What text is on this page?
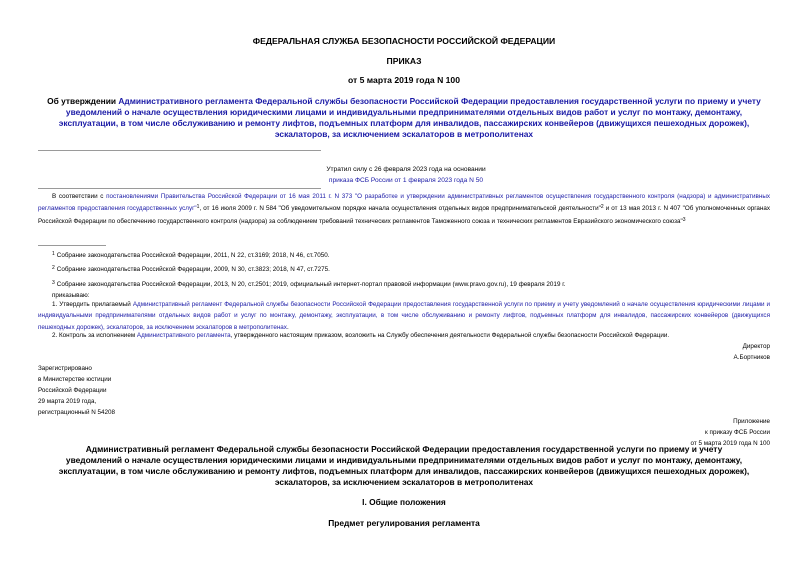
ФЕДЕРАЛЬНАЯ СЛУЖБА БЕЗОПАСНОСТИ РОССИЙСКОЙ ФЕДЕРАЦИИ
ПРИКАЗ
от 5 марта 2019 года N 100
Об утверждении Административного регламента Федеральной службы безопасности Российской Федерации предоставления государственной услуги по приему и учету уведомлений о начале осуществления юридическими лицами и индивидуальными предпринимателями отдельных видов работ и услуг по монтажу, демонтажу, эксплуатации, в том числе обслуживанию и ремонту лифтов, подъемных платформ для инвалидов, пассажирских конвейеров (движущихся пешеходных дорожек), эскалаторов, за исключением эскалаторов в метрополитенах
Утратил силу с 26 февраля 2023 года на основании
приказа ФСБ России от 1 февраля 2023 года N 50
В соответствии с постановлениями Правительства Российской Федерации от 16 мая 2011 г. N 373 "О разработке и утверждении административных регламентов осуществления государственного контроля (надзора) и административных регламентов предоставления государственных услуг"$^1$, от 16 июля 2009 г. N 584 "Об уведомительном порядке начала осуществления отдельных видов предпринимательской деятельности"$^2$ и от 13 мая 2013 г. N 407 "Об уполномоченных органах Российской Федерации по обеспечению государственного контроля (надзора) за соблюдением требований технических регламентов Таможенного союза и технических регламентов Евразийского экономического союза"$^3$
$^1$ Собрание законодательства Российской Федерации, 2011, N 22, ст.3169; 2018, N 46, ст.7050.
$^2$ Собрание законодательства Российской Федерации, 2009, N 30, ст.3823; 2018, N 47, ст.7275.
$^3$ Собрание законодательства Российской Федерации, 2013, N 20, ст.2501; 2019, официальный интернет-портал правовой информации (www.pravo.gov.ru), 19 февраля 2019 г.
приказываю:
1. Утвердить прилагаемый Административный регламент Федеральной службы безопасности Российской Федерации предоставления государственной услуги по приему и учету уведомлений о начале осуществления юридическими лицами и индивидуальными предпринимателями отдельных видов работ и услуг по монтажу, демонтажу, эксплуатации, в том числе обслуживанию и ремонту лифтов, подъемных платформ для инвалидов, пассажирских конвейеров (движущихся пешеходных дорожек), эскалаторов, за исключением эскалаторов в метрополитенах.
2. Контроль за исполнением Административного регламента, утвержденного настоящим приказом, возложить на Службу обеспечения деятельности Федеральной службы безопасности Российской Федерации.
Директор
А.Бортников
Зарегистрировано
в Министерстве юстиции
Российской Федерации
29 марта 2019 года,
регистрационный N 54208
Приложение
к приказу ФСБ России
от 5 марта 2019 года N 100
Административный регламент Федеральной службы безопасности Российской Федерации предоставления государственной услуги по приему и учету уведомлений о начале осуществления юридическими лицами и индивидуальными предпринимателями отдельных видов работ и услуг по монтажу, демонтажу, эксплуатации, в том числе обслуживанию и ремонту лифтов, подъемных платформ для инвалидов, пассажирских конвейеров (движущихся пешеходных дорожек), эскалаторов, за исключением эскалаторов в метрополитенах
I. Общие положения
Предмет регулирования регламента
